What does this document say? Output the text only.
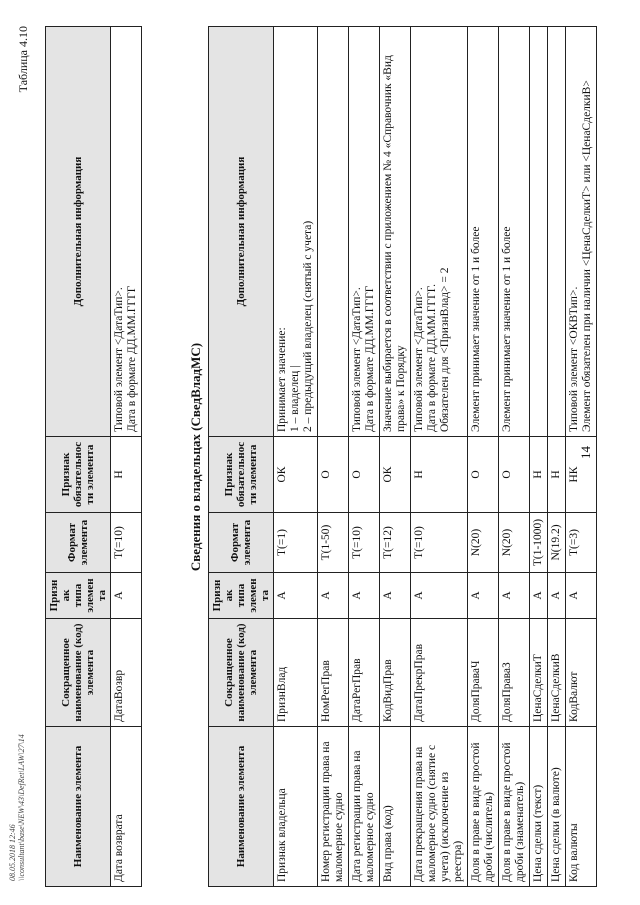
08.05.2018 12:46 \\consultant\base\NEW\43\DefRet\LAW\27\14	Наименование элемента	Сокращенное наименование (код) элемента	Признак типа элемента	Формат элемента	Признак обязательности элемента	Дополнительная информация
Дата возврата	ДатаВозвр	А	T(=10)	Н	Типовой элемент <ДатаТип>.
Дата в формате ДД.ММ.ГГГГ
Таблица 4.10
Сведения о владельцах (СведВладМС)
Наименование элемента	Сокращенное наименование (код) элемента	Признак типа элемента	Формат элемента	Признак обязательности элемента	Дополнительная информация
Признак владельца	ПризнВлад	А	T(=1)	ОК	Принимает значение:
1 – владелец |
2 – предыдущий владелец (снятый с учета)
Номер регистрации права на маломерное судно	НомРегПрав	А	T(1-50)	О	
Дата регистрации права на маломерное судно	ДатаРегПрав	А	T(=10)	О	Типовой элемент <ДатаТип>.
Дата в формате ДД.ММ.ГГГГ
Вид права (код)	КодВидПрав	А	T(=12)	ОК	Значение выбирается в соответствии с приложением № 4 «Справочник «Вид права» к Порядку
Дата прекращения права на маломерное судно (снятие с учета) (исключение из реестра)	ДатаПрекрПрав	А	T(=10)	Н	Типовой элемент <ДатаТип>.
Дата в формате ДД.ММ.ГГГГ.
Обязателен для <ПризнВлад> = 2
Доля в праве в виде простой дроби (числитель)	ДоляПраваЧ	А	N(20)	О	Элемент принимает значение от 1 и более
Доля в праве в виде простой дроби (знаменатель)	ДоляПраваЗ	А	N(20)	О	Элемент принимает значение от 1 и более
Цена сделки (текст)	ЦенаСделкиТ	А	T(1-1000)	Н	
Цена сделки (в валюте)	ЦенаСделкиВ	А	N(19.2)	Н	
Код валюты	КодВалют	А	T(=3)	НК	Типовой элемент <ОКВТип>.
Элемент обязателен при наличии <ЦенаСделкиТ> или <ЦенаСделкиВ>
14
